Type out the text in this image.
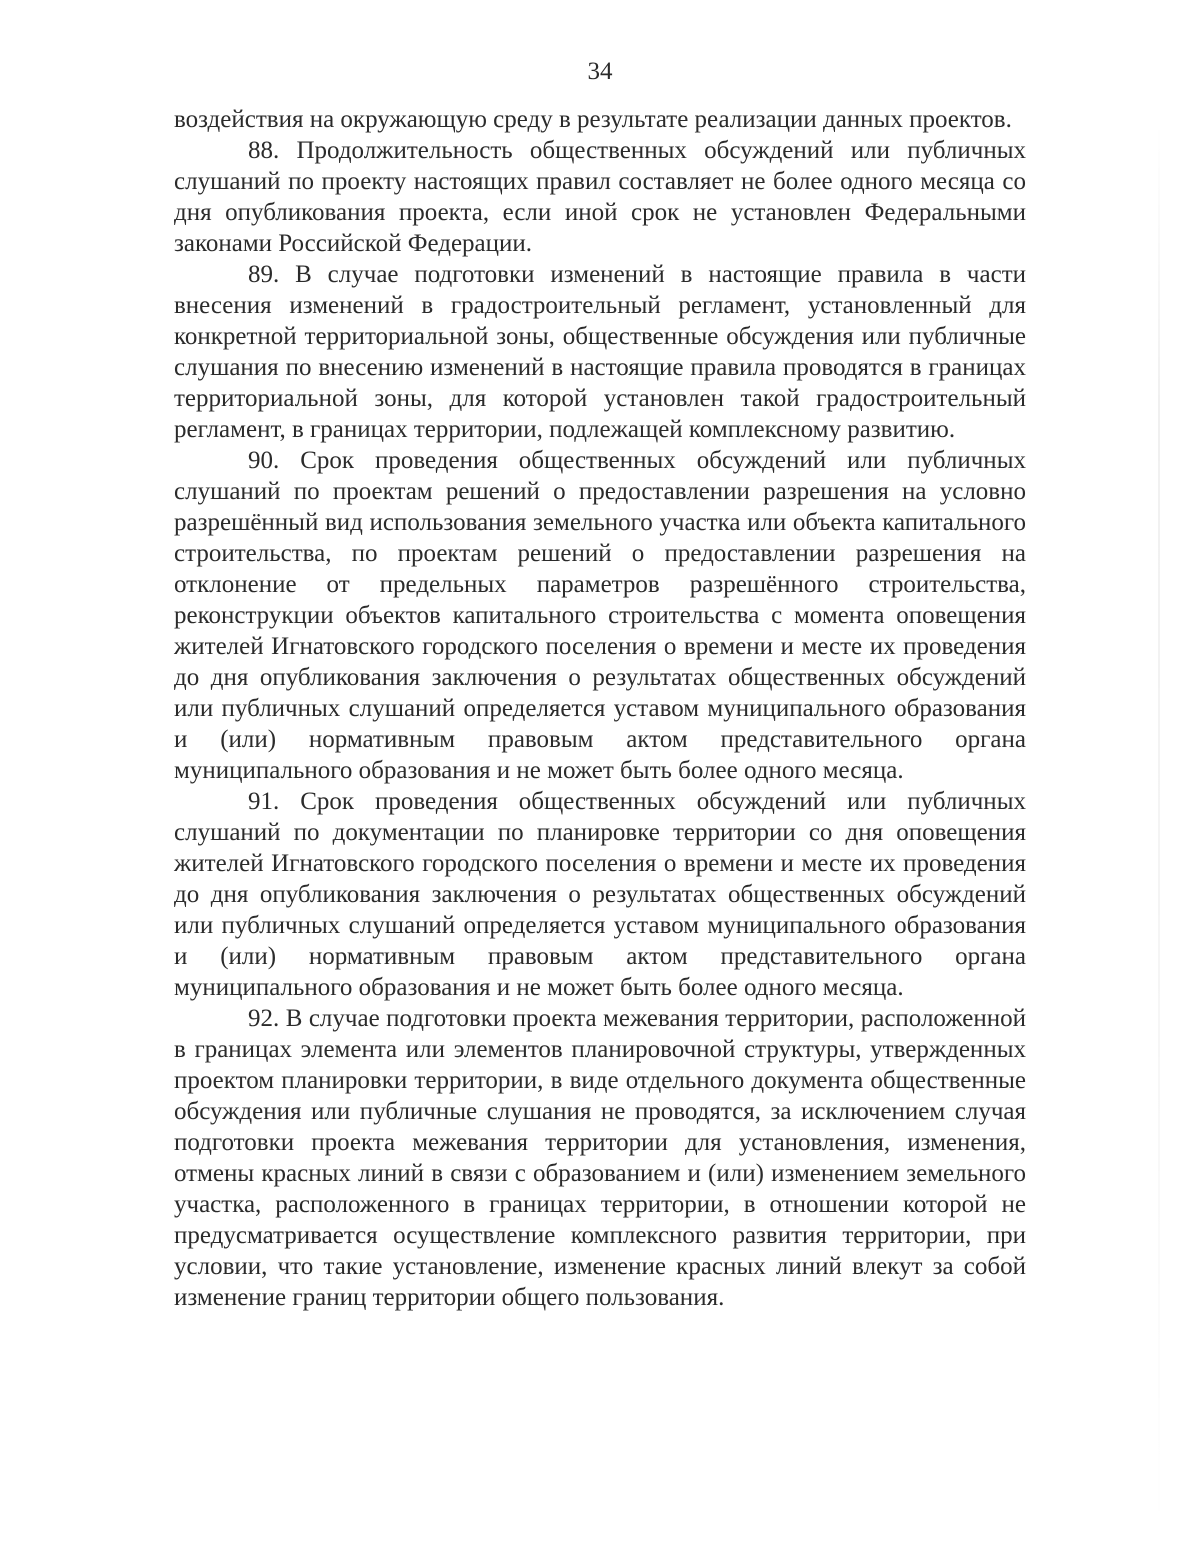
34

воздействия на окружающую среду в результате реализации данных проектов.

88. Продолжительность общественных обсуждений или публичных слушаний по проекту настоящих правил составляет не более одного месяца со дня опубликования проекта, если иной срок не установлен Федеральными законами Российской Федерации.

89. В случае подготовки изменений в настоящие правила в части внесения изменений в градостроительный регламент, установленный для конкретной территориальной зоны, общественные обсуждения или публичные слушания по внесению изменений в настоящие правила проводятся в границах территориальной зоны, для которой установлен такой градостроительный регламент, в границах территории, подлежащей комплексному развитию.

90. Срок проведения общественных обсуждений или публичных слушаний по проектам решений о предоставлении разрешения на условно разрешённый вид использования земельного участка или объекта капитального строительства, по проектам решений о предоставлении разрешения на отклонение от предельных параметров разрешённого строительства, реконструкции объектов капитального строительства с момента оповещения жителей Игнатовского городского поселения о времени и месте их проведения до дня опубликования заключения о результатах общественных обсуждений или публичных слушаний определяется уставом муниципального образования и (или) нормативным правовым актом представительного органа муниципального образования и не может быть более одного месяца.

91. Срок проведения общественных обсуждений или публичных слушаний по документации по планировке территории со дня оповещения жителей Игнатовского городского поселения о времени и месте их проведения до дня опубликования заключения о результатах общественных обсуждений или публичных слушаний определяется уставом муниципального образования и (или) нормативным правовым актом представительного органа муниципального образования и не может быть более одного месяца.

92. В случае подготовки проекта межевания территории, расположенной в границах элемента или элементов планировочной структуры, утвержденных проектом планировки территории, в виде отдельного документа общественные обсуждения или публичные слушания не проводятся, за исключением случая подготовки проекта межевания территории для установления, изменения, отмены красных линий в связи с образованием и (или) изменением земельного участка, расположенного в границах территории, в отношении которой не предусматривается осуществление комплексного развития территории, при условии, что такие установление, изменение красных линий влекут за собой изменение границ территории общего пользования.
